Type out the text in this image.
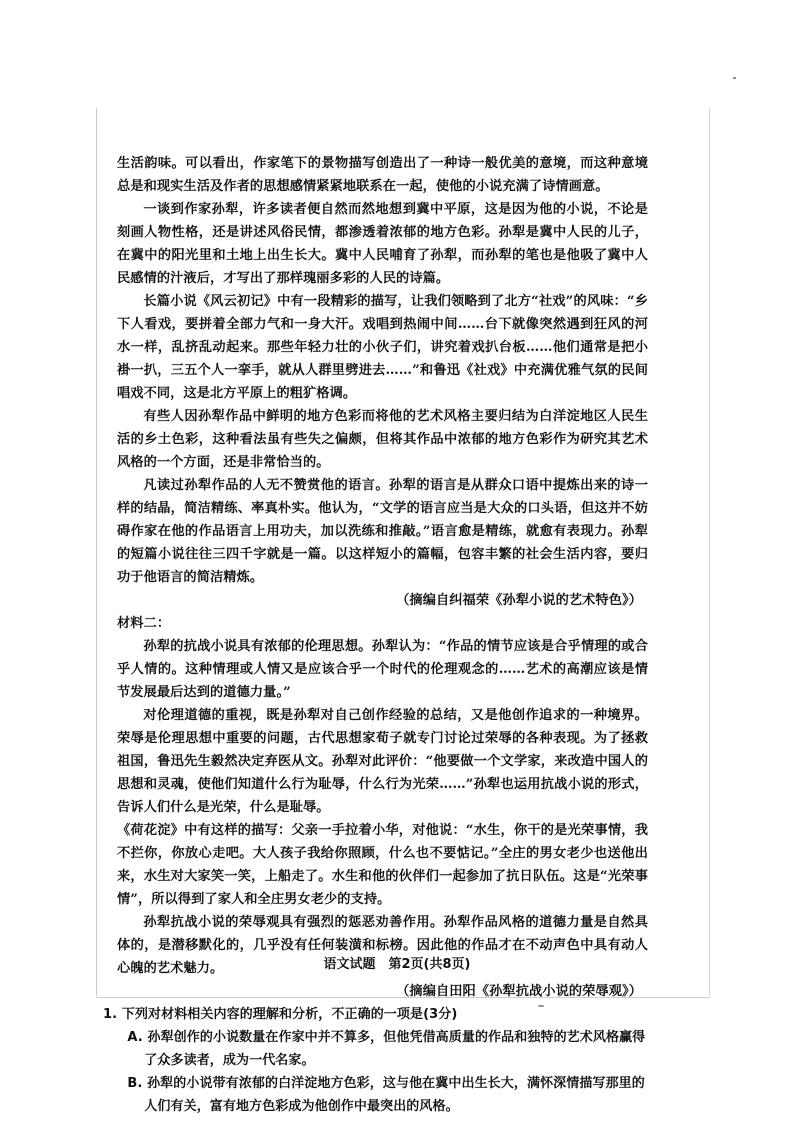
生活韵味。可以看出，作家笔下的景物描写创造出了一种诗一般优美的意境，而这种意境总是和现实生活及作者的思想感情紧紧地联系在一起，使他的小说充满了诗情画意。

一谈到作家孙犁，许多读者便自然而然地想到冀中平原，这是因为他的小说，不论是刻画人物性格，还是讲述风俗民情，都渗透着浓郁的地方色彩。孙犁是冀中人民的儿子，在冀中的阳光里和土地上出生长大。冀中人民哺育了孙犁，而孙犁的笔也是他吸了冀中人民感情的汁液后，才写出了那样瑰丽多彩的人民的诗篇。

长篇小说《风云初记》中有一段精彩的描写，让我们领略到了北方“社戏”的风味：“乡下人看戏，要拼着全部力气和一身大汗。戏唱到热闹中间……台下就像突然遇到狂风的河水一样，乱挤乱动起来。那些年轻力壮的小伙子们，讲究着戏扒台板……他们通常是把小褂一扒，三五个人一挛手，就从人群里劈进去……”和鲁迅《社戏》中充满优雅气氛的民间唱戏不同，这是北方平原上的粗犷格调。

有些人因孙犁作品中鲜明的地方色彩而将他的艺术风格主要归结为白洋淀地区人民生活的乡土色彩，这种看法虽有些失之偏颇，但将其作品中浓郁的地方色彩作为研究其艺术风格的一个方面，还是非常恰当的。

凡读过孙犁作品的人无不赞赏他的语言。孙犁的语言是从群众口语中提炼出来的诗一样的结晶，简洁精练、率真朴实。他认为，“文学的语言应当是大众的口头语，但这并不妨碍作家在他的作品语言上用功夫，加以洗练和推敲。”语言愈是精练，就愈有表现力。孙犁的短篇小说往往三四千字就是一篇。以这样短小的篇幅，包容丰繁的社会生活内容，要归功于他语言的简洁精炼。

（摘编自纠福荣《孙犁小说的艺术特色》）

材料二：

孙犁的抗战小说具有浓郁的伦理思想。孙犁认为：“作品的情节应该是合乎情理的或合乎人情的。这种情理或人情又是应该合乎一个时代的伦理观念的……艺术的高潮应该是情节发展最后达到的道德力量。”

对伦理道德的重视，既是孙犁对自己创作经验的总结，又是他创作追求的一种境界。荣辱是伦理思想中重要的问题，古代思想家荀子就专门讨论过荣辱的各种表现。为了拯救祖国，鲁迅先生毅然决定弃医从文。孙犁对此评价：“他要做一个文学家，来改造中国人的思想和灵魂，使他们知道什么行为耻辱，什么行为光荣……”孙犁也运用抗战小说的形式，告诉人们什么是光荣，什么是耻辱。

《荷花淀》中有这样的描写：父亲一手拉着小华，对他说：“水生，你干的是光荣事情，我不拦你，你放心走吧。大人孩子我给你照顾，什么也不要惦记。”全庄的男女老少也送他出来，水生对大家笑一笑，上船走了。水生和他的伙伴们一起参加了抗日队伍。这是“光荣事情”，所以得到了家人和全庄男女老少的支持。

孙犁抗战小说的荣辱观具有强烈的惩恶劝善作用。孙犁作品风格的道德力量是自然具体的，是潜移默化的，几乎没有任何装潢和标榜。因此他的作品才在不动声色中具有动人心魄的艺术魅力。

（摘编自田阳《孙犁抗战小说的荣辱观》）

1. 下列对材料相关内容的理解和分析，不正确的一项是(3分)

A. 孙犁创作的小说数量在作家中并不算多，但他凭借高质量的作品和独特的艺术风格赢得了众多读者，成为一代名家。

B. 孙犁的小说带有浓郁的白洋淀地方色彩，这与他在冀中出生长大，满怀深情描写那里的人们有关，富有地方色彩成为他创作中最突出的风格。

语文试题　第2页(共8页)
